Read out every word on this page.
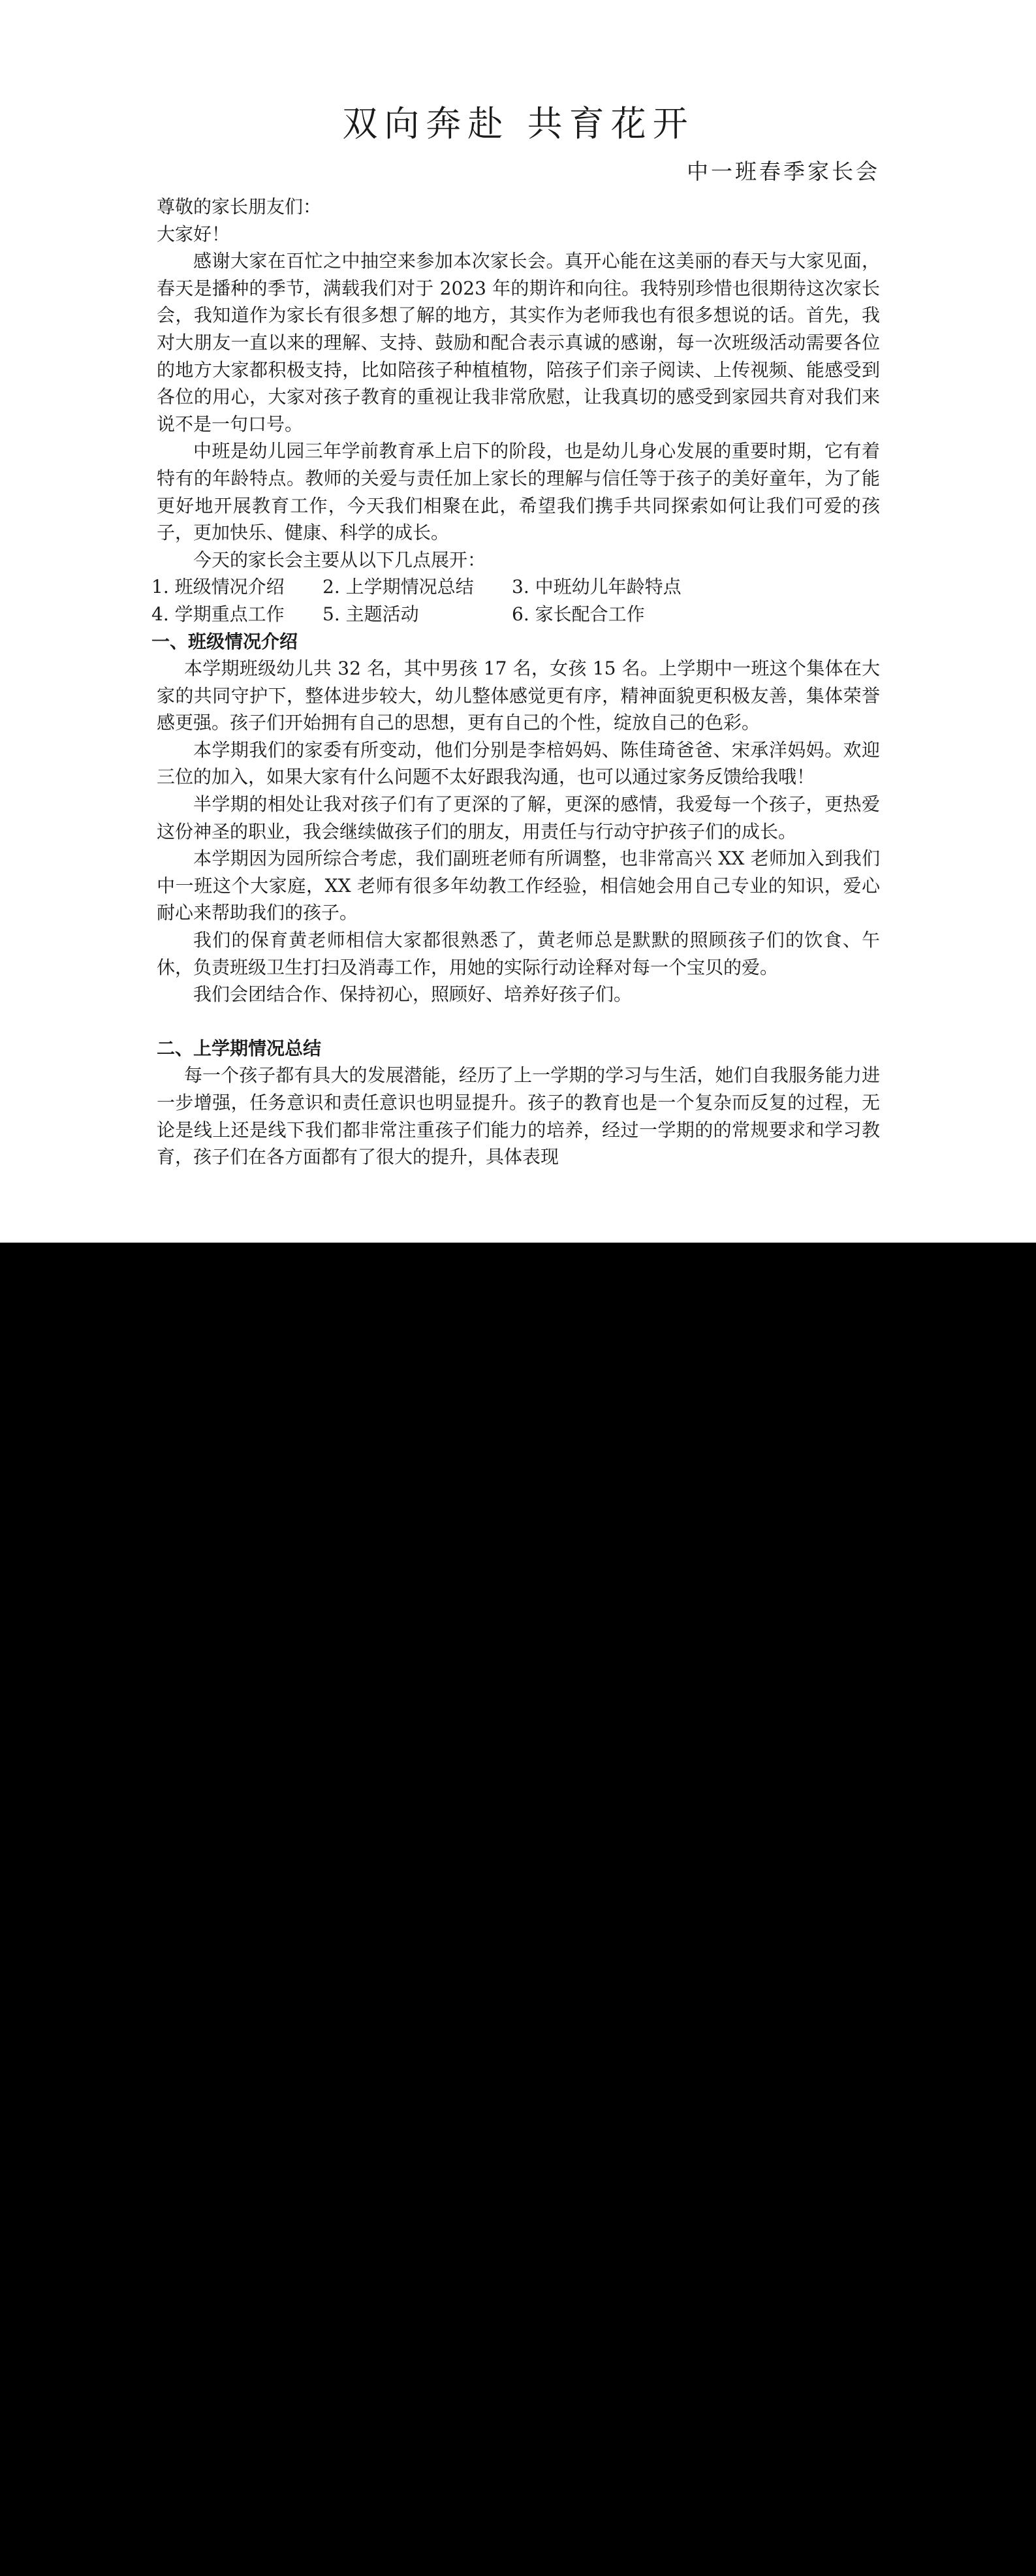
双向奔赴 共育花开
中一班春季家长会

尊敬的家长朋友们：

大家好！

感谢大家在百忙之中抽空来参加本次家长会。真开心能在这美丽的春天与大家见面，春天是播种的季节，满载我们对于 2023 年的期许和向往。我特别珍惜也很期待这次家长会，我知道作为家长有很多想了解的地方，其实作为老师我也有很多想说的话。首先，我对大朋友一直以来的理解、支持、鼓励和配合表示真诚的感谢，每一次班级活动需要各位的地方大家都积极支持，比如陪孩子种植植物，陪孩子们亲子阅读、上传视频、能感受到各位的用心，大家对孩子教育的重视让我非常欣慰，让我真切的感受到家园共育对我们来说不是一句口号。

中班是幼儿园三年学前教育承上启下的阶段，也是幼儿身心发展的重要时期，它有着特有的年龄特点。教师的关爱与责任加上家长的理解与信任等于孩子的美好童年，为了能更好地开展教育工作，今天我们相聚在此，希望我们携手共同探索如何让我们可爱的孩子，更加快乐、健康、科学的成长。

今天的家长会主要从以下几点展开：

1. 班级情况介绍	2. 上学期情况总结	3. 中班幼儿年龄特点
4. 学期重点工作	5. 主题活动	6. 家长配合工作

一、班级情况介绍

本学期班级幼儿共 32 名，其中男孩 17 名，女孩 15 名。上学期中一班这个集体在大家的共同守护下，整体进步较大，幼儿整体感觉更有序，精神面貌更积极友善，集体荣誉感更强。孩子们开始拥有自己的思想，更有自己的个性，绽放自己的色彩。

本学期我们的家委有所变动，他们分别是李棓妈妈、陈佳琦爸爸、宋承洋妈妈。欢迎三位的加入，如果大家有什么问题不太好跟我沟通，也可以通过家务反馈给我哦！

半学期的相处让我对孩子们有了更深的了解，更深的感情，我爱每一个孩子，更热爱这份神圣的职业，我会继续做孩子们的朋友，用责任与行动守护孩子们的成长。

本学期因为园所综合考虑，我们副班老师有所调整，也非常高兴 XX 老师加入到我们中一班这个大家庭，XX 老师有很多年幼教工作经验，相信她会用自己专业的知识，爱心耐心来帮助我们的孩子。

我们的保育黄老师相信大家都很熟悉了，黄老师总是默默的照顾孩子们的饮食、午休，负责班级卫生打扫及消毒工作，用她的实际行动诠释对每一个宝贝的爱。

我们会团结合作、保持初心，照顾好、培养好孩子们。

二、上学期情况总结

每一个孩子都有具大的发展潜能，经历了上一学期的学习与生活，她们自我服务能力进一步增强，任务意识和责任意识也明显提升。孩子的教育也是一个复杂而反复的过程，无论是线上还是线下我们都非常注重孩子们能力的培养，经过一学期的的常规要求和学习教育，孩子们在各方面都有了很大的提升，具体表现
